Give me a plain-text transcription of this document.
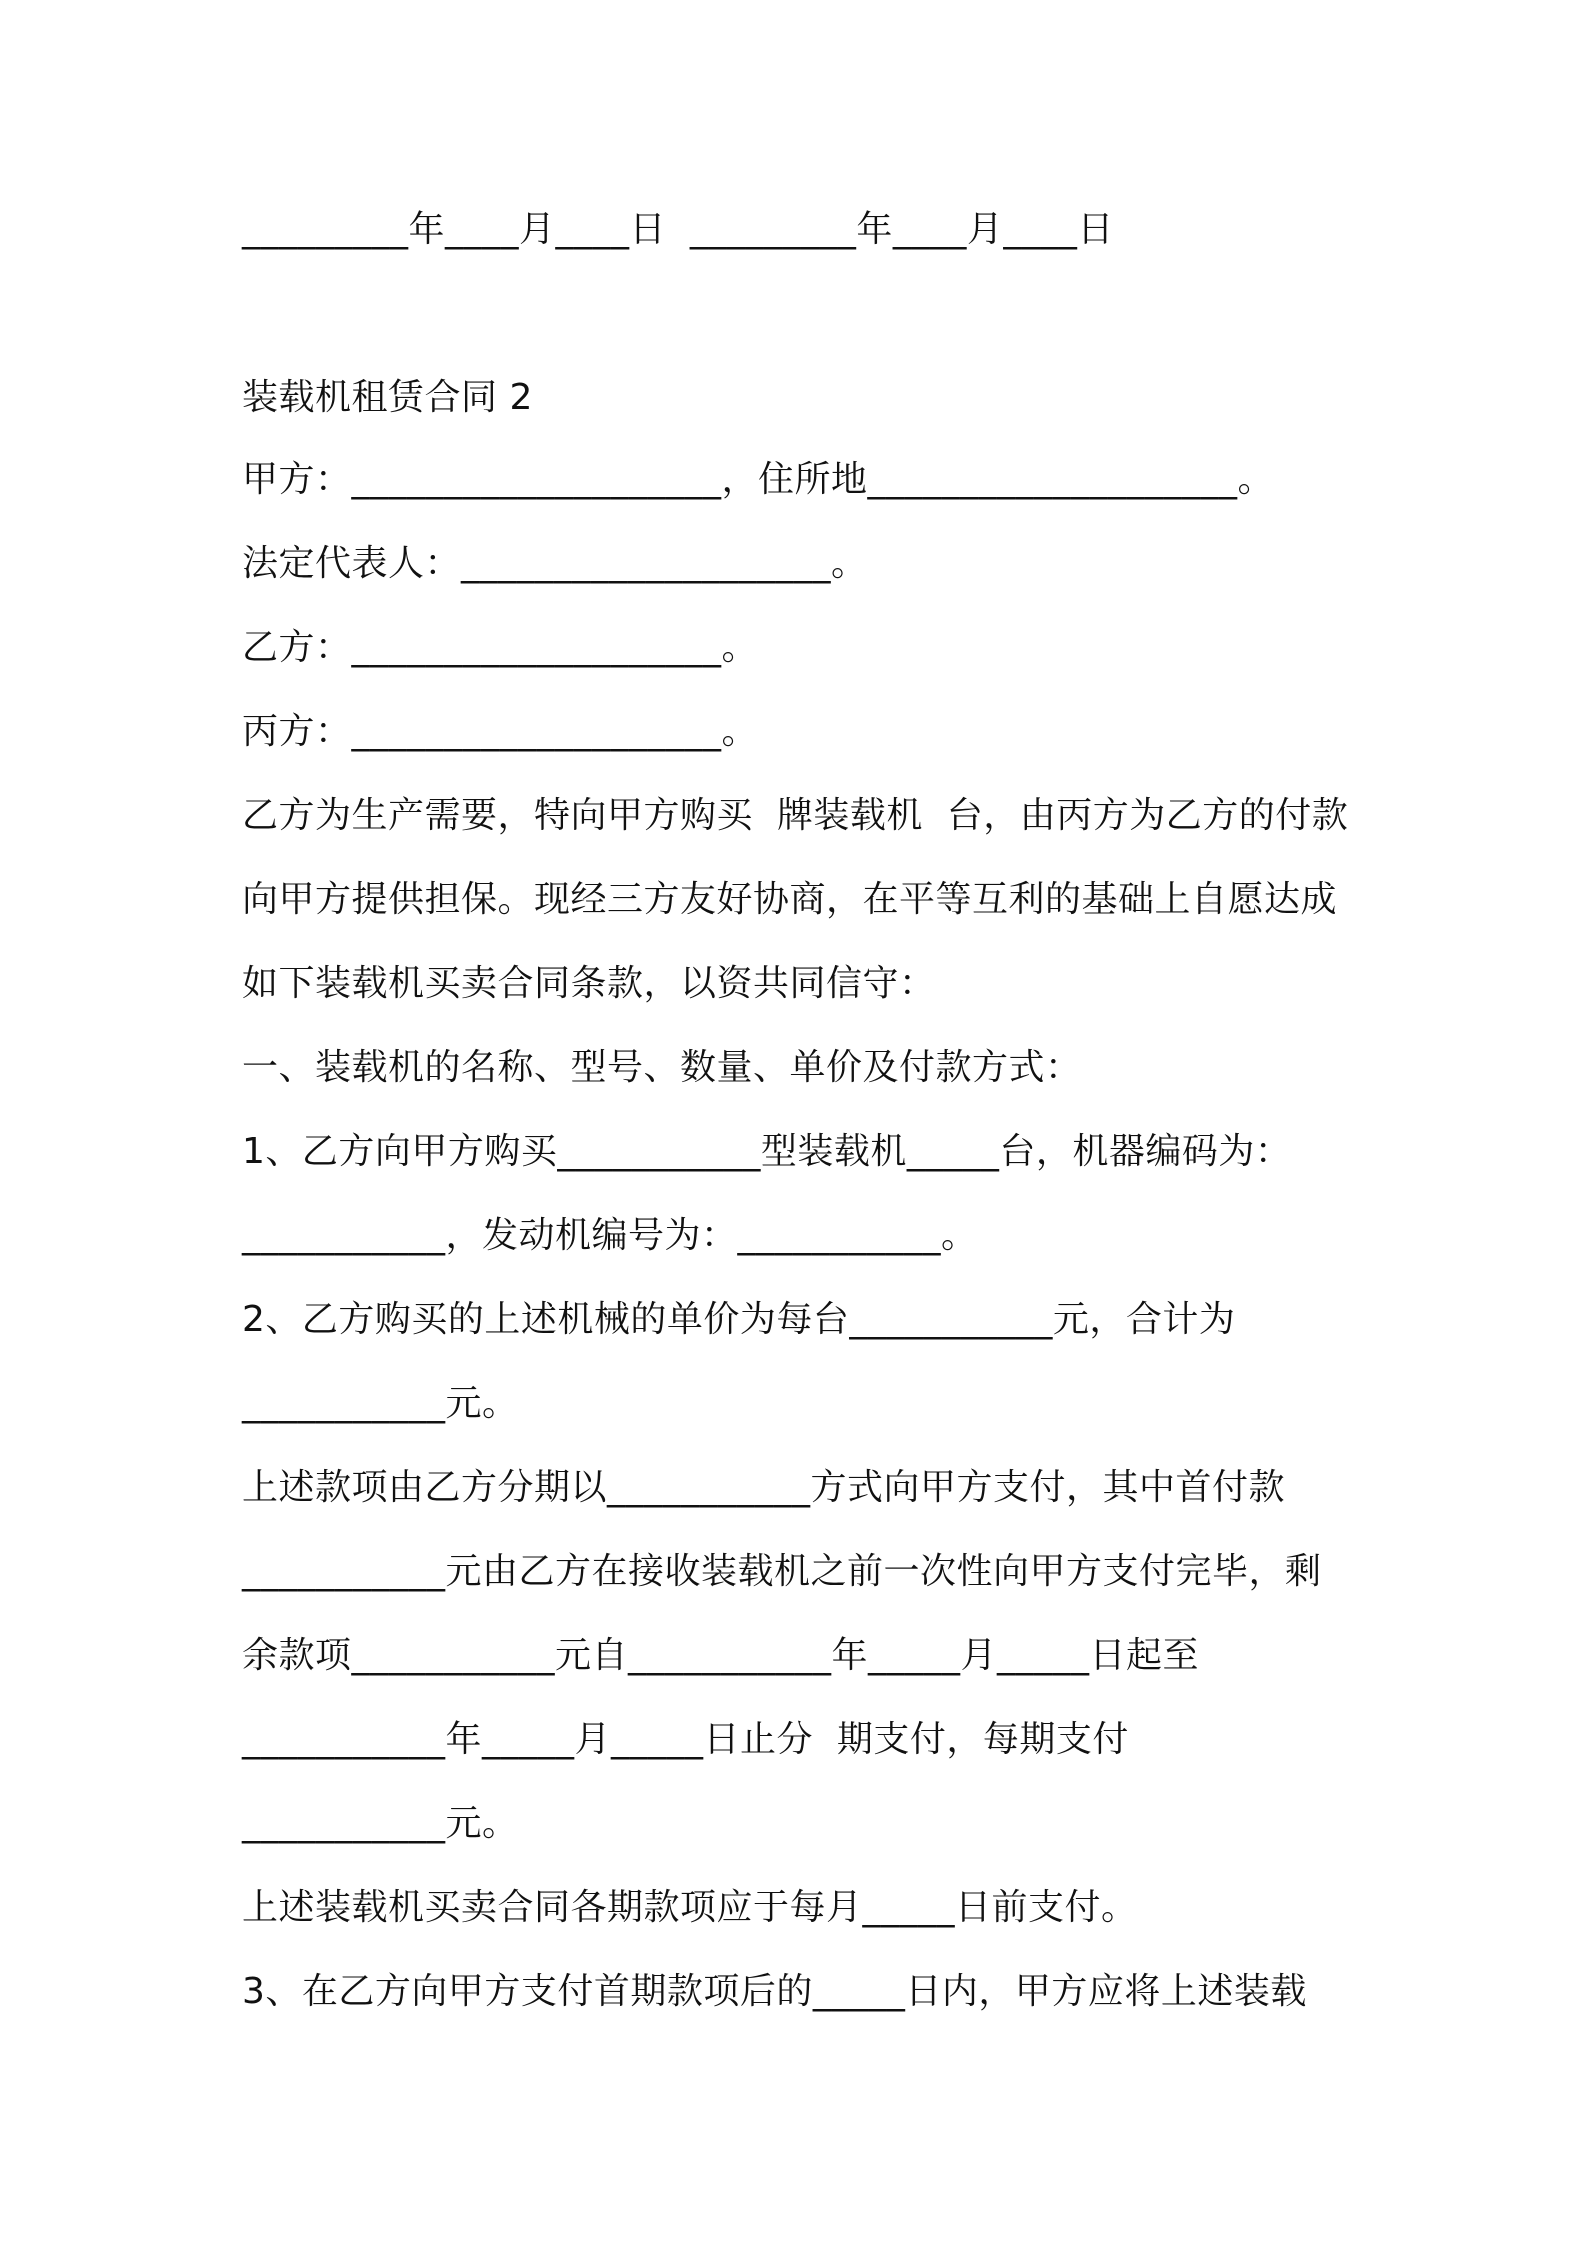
_________年____月____日  _________年____月____日
装载机租赁合同 2
甲方：____________________，住所地____________________。
法定代表人：____________________。
乙方：____________________。
丙方：____________________。
乙方为生产需要，特向甲方购买  牌装载机  台，由丙方为乙方的付款
向甲方提供担保。现经三方友好协商，在平等互利的基础上自愿达成
如下装载机买卖合同条款，以资共同信守：
一、装载机的名称、型号、数量、单价及付款方式：
1、乙方向甲方购买___________型装载机_____台，机器编码为：
___________，发动机编号为：___________。
2、乙方购买的上述机械的单价为每台___________元，合计为
___________元。
上述款项由乙方分期以___________方式向甲方支付，其中首付款
___________元由乙方在接收装载机之前一次性向甲方支付完毕，剩
余款项___________元自___________年_____月_____日起至
___________年_____月_____日止分  期支付，每期支付
___________元。
上述装载机买卖合同各期款项应于每月_____日前支付。
3、在乙方向甲方支付首期款项后的_____日内，甲方应将上述装载
